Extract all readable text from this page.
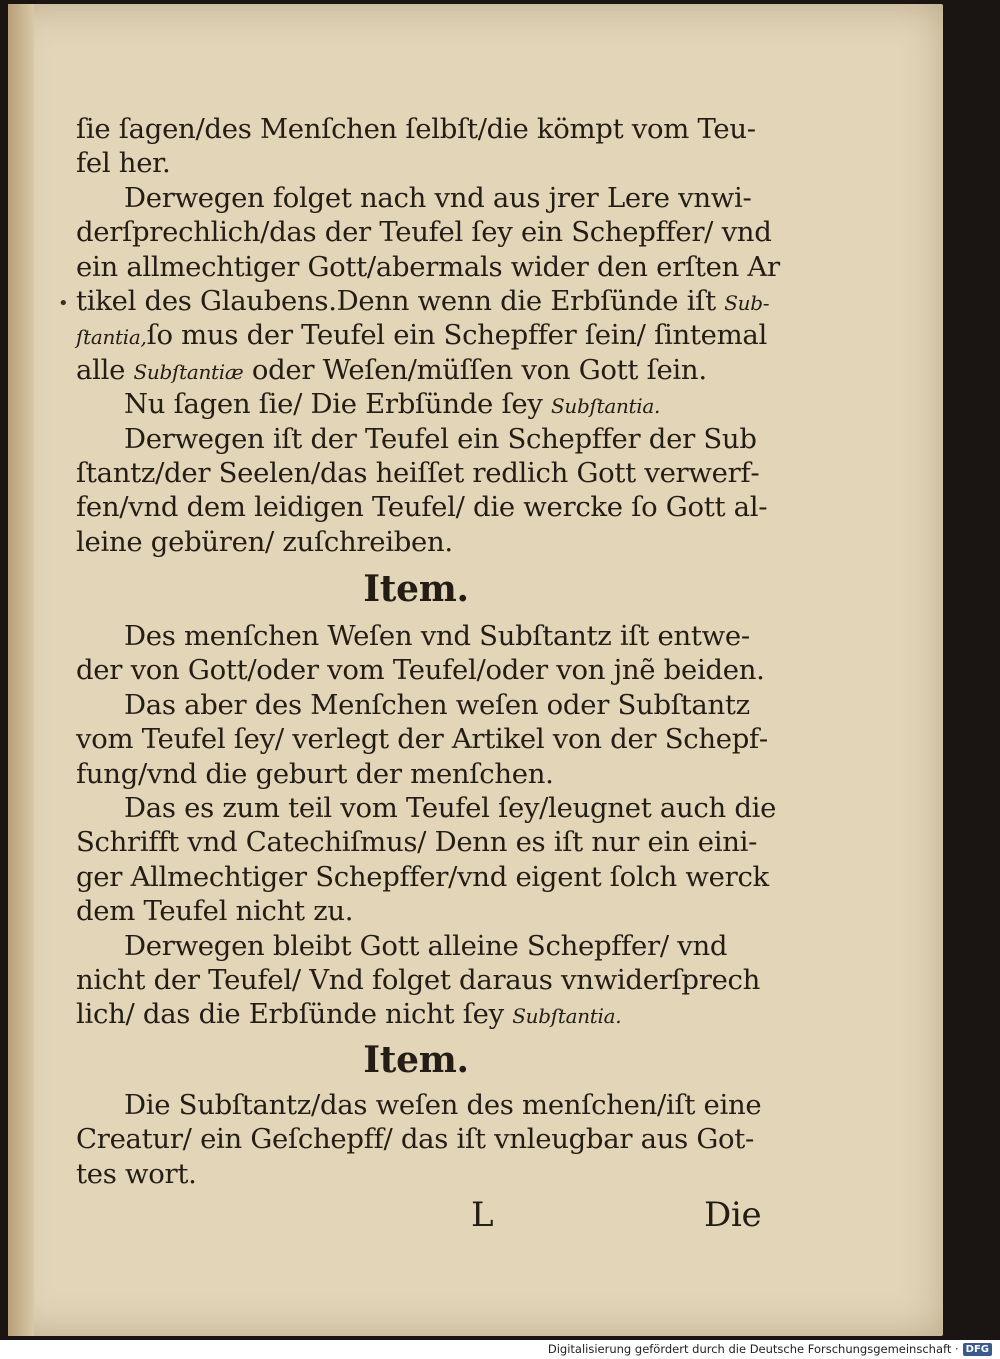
•
ſie ſagen/des Menſchen ſelbſt/die kömpt vom Teu‑
fel her.
Derwegen folget nach vnd aus jrer Lere vnwi‑
derſprechlich/das der Teufel ſey ein Schepffer/ vnd
ein allmechtiger Gott/abermals wider den erſten Ar
tikel des Glaubens.Denn wenn die Erbſünde iſt Sub‑
ſtantia,ſo mus der Teufel ein Schepffer ſein/ ſintemal
alle Subſtantiæ oder Weſen/müſſen von Gott ſein.
Nu ſagen ſie/ Die Erbſünde ſey Subſtantia.
Derwegen iſt der Teufel ein Schepffer der Sub
ſtantz/der Seelen/das heiſſet redlich Gott verwerf‑
fen/vnd dem leidigen Teufel/ die wercke ſo Gott al‑
leine gebüren/ zuſchreiben.
Item.
Des menſchen Weſen vnd Subſtantz iſt entwe‑
der von Gott/oder vom Teufel/oder von jnẽ beiden.
Das aber des Menſchen weſen oder Subſtantz
vom Teufel ſey/ verlegt der Artikel von der Schepf‑
fung/vnd die geburt der menſchen.
Das es zum teil vom Teufel ſey/leugnet auch die
Schrifft vnd Catechiſmus/ Denn es iſt nur ein eini‑
ger Allmechtiger Schepffer/vnd eigent ſolch werck
dem Teufel nicht zu.
Derwegen bleibt Gott alleine Schepffer/ vnd
nicht der Teufel/ Vnd folget daraus vnwiderſprech
lich/ das die Erbſünde nicht ſey Subſtantia.
Item.
Die Subſtantz/das weſen des menſchen/iſt eine
Creatur/ ein Geſchepff/ das iſt vnleugbar aus Got‑
tes wort.
L	Die
Digitalisierung gefördert durch die Deutsche Forschungsgemeinschaft · DFG
